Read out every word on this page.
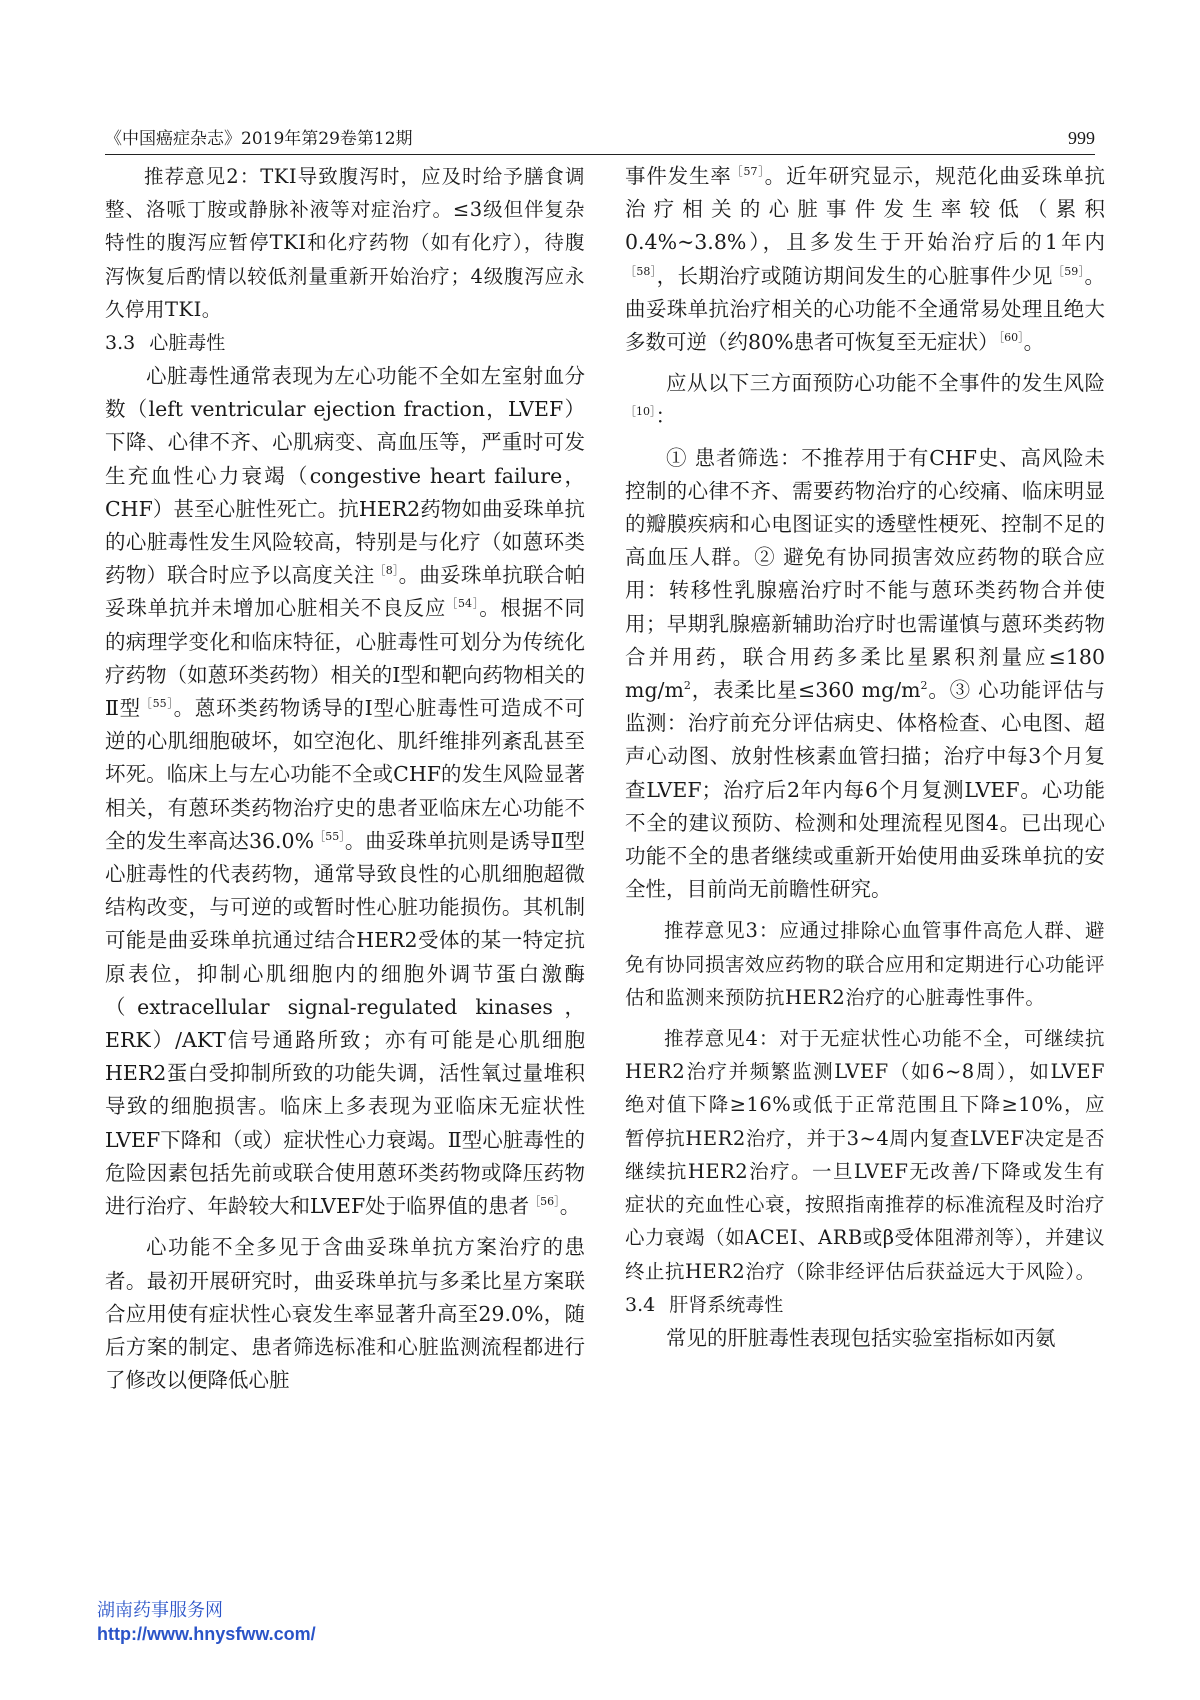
《中国癌症杂志》2019年第29卷第12期	999

推荐意见2：TKI导致腹泻时，应及时给予膳食调整、洛哌丁胺或静脉补液等对症治疗。≤3级但伴复杂特性的腹泻应暂停TKI和化疗药物（如有化疗），待腹泻恢复后酌情以较低剂量重新开始治疗；4级腹泻应永久停用TKI。

3.3 心脏毒性

心脏毒性通常表现为左心功能不全如左室射血分数（left ventricular ejection fraction，LVEF）下降、心律不齐、心肌病变、高血压等，严重时可发生充血性心力衰竭（congestive heart failure，CHF）甚至心脏性死亡。抗HER2药物如曲妥珠单抗的心脏毒性发生风险较高，特别是与化疗（如蒽环类药物）联合时应予以高度关注$^{[8]}$。曲妥珠单抗联合帕妥珠单抗并未增加心脏相关不良反应$^{[54]}$。根据不同的病理学变化和临床特征，心脏毒性可划分为传统化疗药物（如蒽环类药物）相关的Ⅰ型和靶向药物相关的Ⅱ型$^{[55]}$。蒽环类药物诱导的Ⅰ型心脏毒性可造成不可逆的心肌细胞破坏，如空泡化、肌纤维排列紊乱甚至坏死。临床上与左心功能不全或CHF的发生风险显著相关，有蒽环类药物治疗史的患者亚临床左心功能不全的发生率高达36.0%$^{[55]}$。曲妥珠单抗则是诱导Ⅱ型心脏毒性的代表药物，通常导致良性的心肌细胞超微结构改变，与可逆的或暂时性心脏功能损伤。其机制可能是曲妥珠单抗通过结合HER2受体的某一特定抗原表位，抑制心肌细胞内的细胞外调节蛋白激酶（extracellular signal-regulated kinases，ERK）/AKT信号通路所致；亦有可能是心肌细胞HER2蛋白受抑制所致的功能失调，活性氧过量堆积导致的细胞损害。临床上多表现为亚临床无症状性LVEF下降和（或）症状性心力衰竭。Ⅱ型心脏毒性的危险因素包括先前或联合使用蒽环类药物或降压药物进行治疗、年龄较大和LVEF处于临界值的患者$^{[56]}$。

心功能不全多见于含曲妥珠单抗方案治疗的患者。最初开展研究时，曲妥珠单抗与多柔比星方案联合应用使有症状性心衰发生率显著升高至29.0%，随后方案的制定、患者筛选标准和心脏监测流程都进行了修改以便降低心脏

事件发生率$^{[57]}$。近年研究显示，规范化曲妥珠单抗治疗相关的心脏事件发生率较低（累积0.4%~3.8%），且多发生于开始治疗后的1年内$^{[58]}$，长期治疗或随访期间发生的心脏事件少见$^{[59]}$。曲妥珠单抗治疗相关的心功能不全通常易处理且绝大多数可逆（约80%患者可恢复至无症状）$^{[60]}$。

应从以下三方面预防心功能不全事件的发生风险$^{[10]}$：

① 患者筛选：不推荐用于有CHF史、高风险未控制的心律不齐、需要药物治疗的心绞痛、临床明显的瓣膜疾病和心电图证实的透壁性梗死、控制不足的高血压人群。② 避免有协同损害效应药物的联合应用：转移性乳腺癌治疗时不能与蒽环类药物合并使用；早期乳腺癌新辅助治疗时也需谨慎与蒽环类药物合并用药，联合用药多柔比星累积剂量应≤180 $mg/m^2$，表柔比星≤360 $mg/m^2$。③ 心功能评估与监测：治疗前充分评估病史、体格检查、心电图、超声心动图、放射性核素血管扫描；治疗中每3个月复查LVEF；治疗后2年内每6个月复测LVEF。心功能不全的建议预防、检测和处理流程见图4。已出现心功能不全的患者继续或重新开始使用曲妥珠单抗的安全性，目前尚无前瞻性研究。

推荐意见3：应通过排除心血管事件高危人群、避免有协同损害效应药物的联合应用和定期进行心功能评估和监测来预防抗HER2治疗的心脏毒性事件。

推荐意见4：对于无症状性心功能不全，可继续抗HER2治疗并频繁监测LVEF（如6~8周），如LVEF绝对值下降≥16%或低于正常范围且下降≥10%，应暂停抗HER2治疗，并于3~4周内复查LVEF决定是否继续抗HER2治疗。一旦LVEF无改善/下降或发生有症状的充血性心衰，按照指南推荐的标准流程及时治疗心力衰竭（如ACEI、ARB或β受体阻滞剂等），并建议终止抗HER2治疗（除非经评估后获益远大于风险）。

3.4 肝肾系统毒性

常见的肝脏毒性表现包括实验室指标如丙氨

湖南药事服务网
http://www.hnysfww.com/
